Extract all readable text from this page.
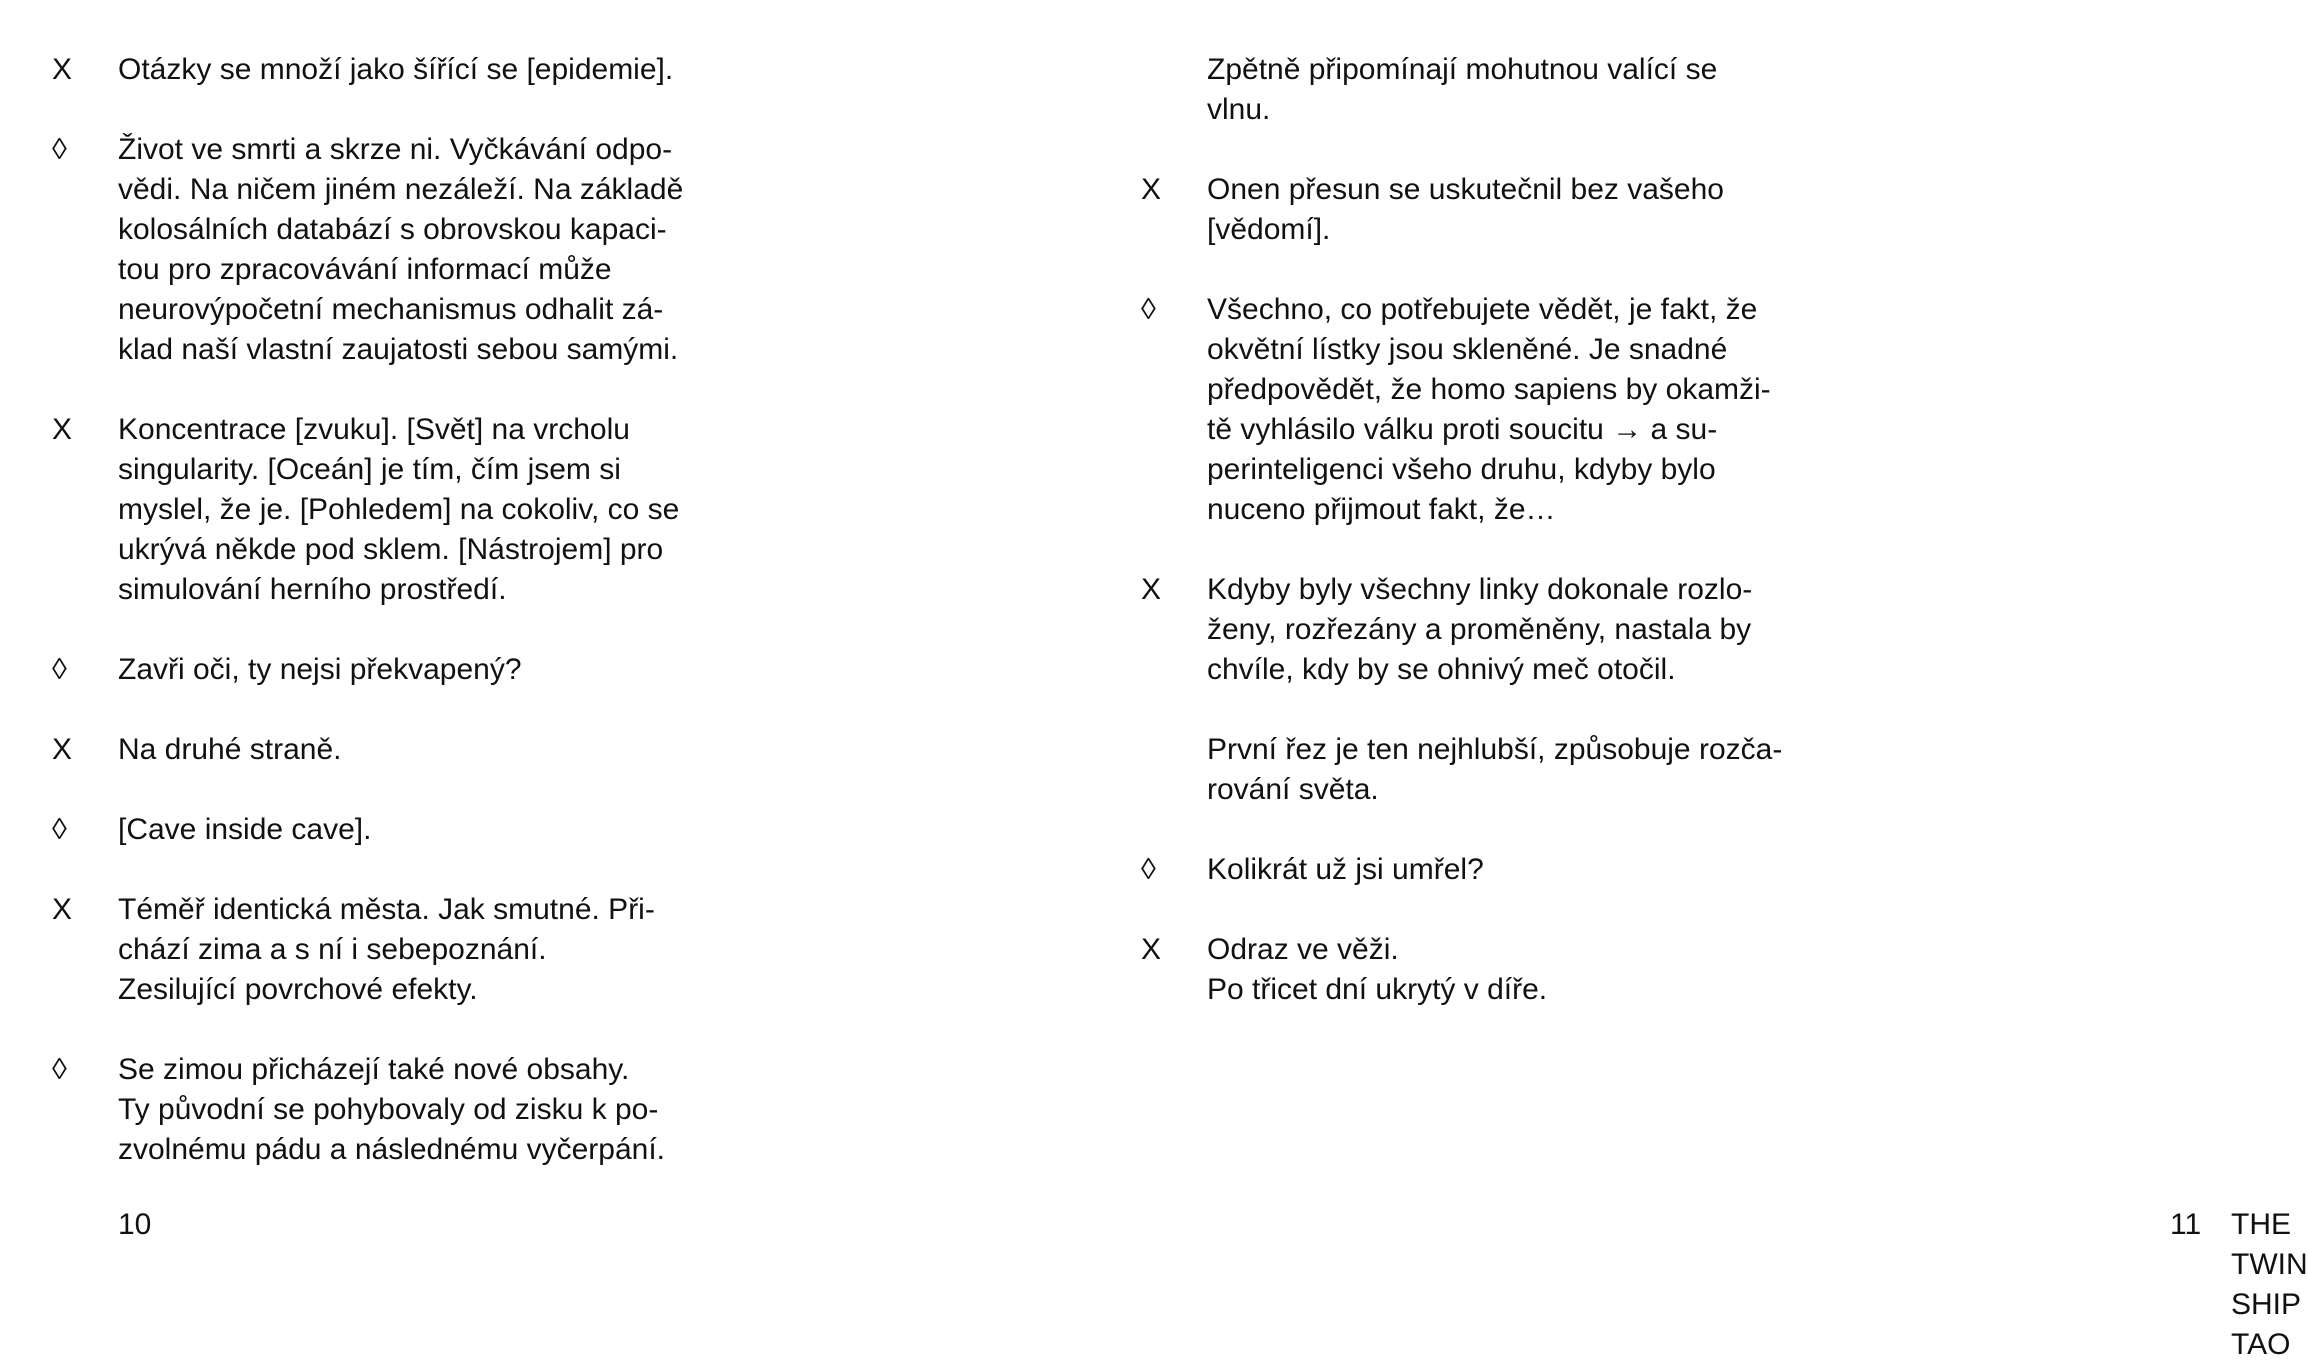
X	Otázky se množí jako šířící se [epidemie].
◊	Život ve smrti a skrze ni. Vyčkávání odpo-
vědi. Na ničem jiném nezáleží. Na základě
kolosálních databází s obrovskou kapaci-
tou pro zpracovávání informací může
neurovýpočetní mechanismus odhalit zá-
klad naší vlastní zaujatosti sebou samými.
X	Koncentrace [zvuku]. [Svět] na vrcholu
singularity. [Oceán] je tím, čím jsem si
myslel, že je. [Pohledem] na cokoliv, co se
ukrývá někde pod sklem. [Nástrojem] pro
simulování herního prostředí.
◊	Zavři oči, ty nejsi překvapený?
X	Na druhé straně.
◊	[Cave inside cave].
X	Téměř identická města. Jak smutné. Při-
chází zima a s ní i sebepoznání.
Zesilující povrchové efekty.
◊	Se zimou přicházejí také nové obsahy.
Ty původní se pohybovaly od zisku k po-
zvolnému pádu a následnému vyčerpání.
10	11 THE TWIN SHIP TAO
Zpětně připomínají mohutnou valící se
vlnu.
X	Onen přesun se uskutečnil bez vašeho
[vědomí].
◊	Všechno, co potřebujete vědět, je fakt, že
okvětní lístky jsou skleněné. Je snadné
předpovědět, že homo sapiens by okamži-
tě vyhlásilo válku proti soucitu → a su-
perinteligenci všeho druhu, kdyby bylo
nuceno přijmout fakt, že…
X	Kdyby byly všechny linky dokonale rozlo-
ženy, rozřezány a proměněny, nastala by
chvíle, kdy by se ohnivý meč otočil.
První řez je ten nejhlubší, způsobuje rozča-
rování světa.
◊	Kolikrát už jsi umřel?
X	Odraz ve věži.
Po třicet dní ukrytý v díře.
